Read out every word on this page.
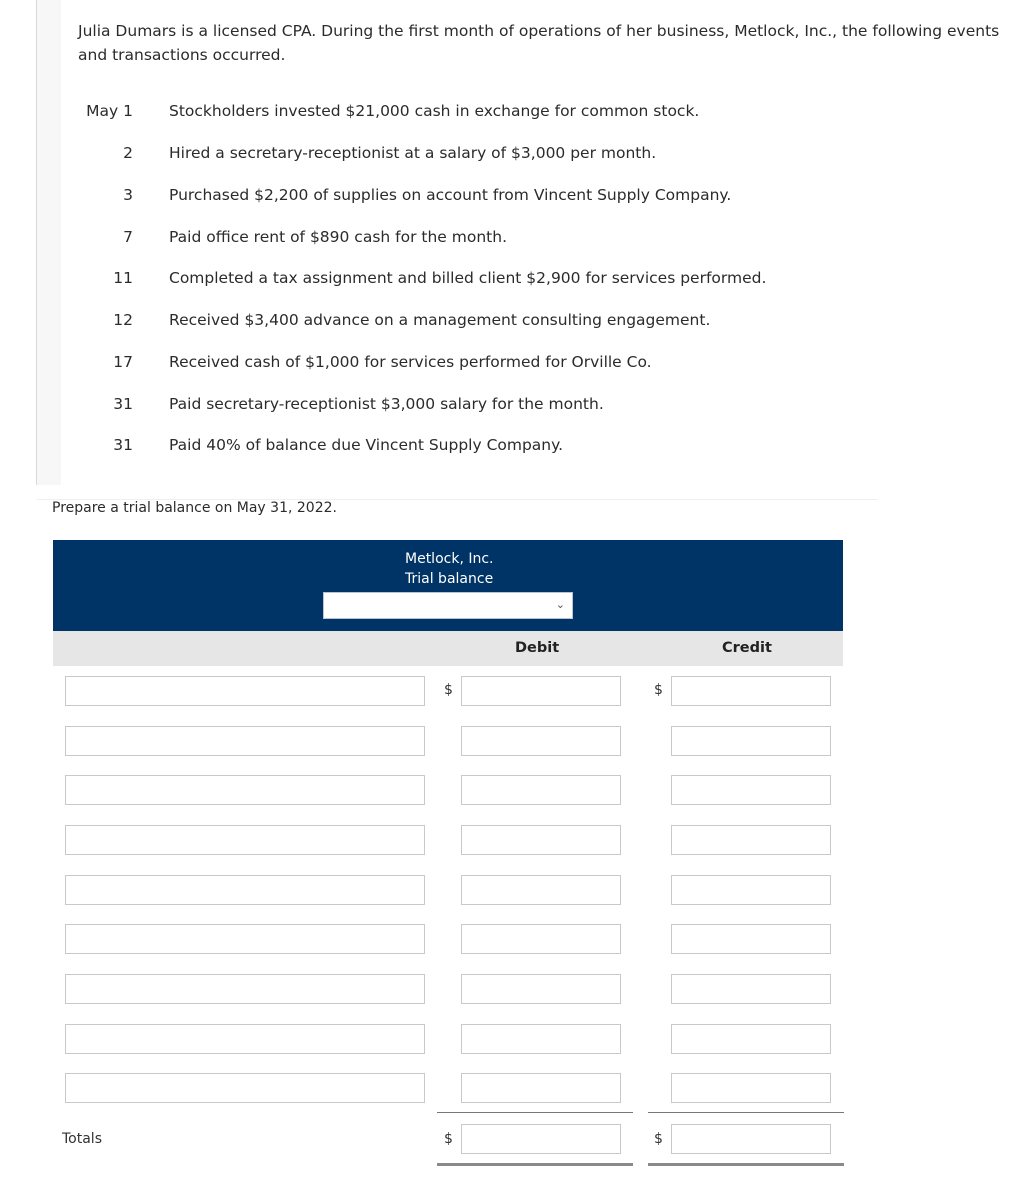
Julia Dumars is a licensed CPA. During the first month of operations of her business, Metlock, Inc., the following events and transactions occurred.
May 1 Stockholders invested $21,000 cash in exchange for common stock.
2 Hired a secretary-receptionist at a salary of $3,000 per month.
3 Purchased $2,200 of supplies on account from Vincent Supply Company.
7 Paid office rent of $890 cash for the month.
11 Completed a tax assignment and billed client $2,900 for services performed.
12 Received $3,400 advance on a management consulting engagement.
17 Received cash of $1,000 for services performed for Orville Co.
31 Paid secretary-receptionist $3,000 salary for the month.
31 Paid 40% of balance due Vincent Supply Company.
Prepare a trial balance on May 31, 2022.
Metlock, Inc.
Trial balance
⌄
Debit	Credit
$	$
Totals	$	$
